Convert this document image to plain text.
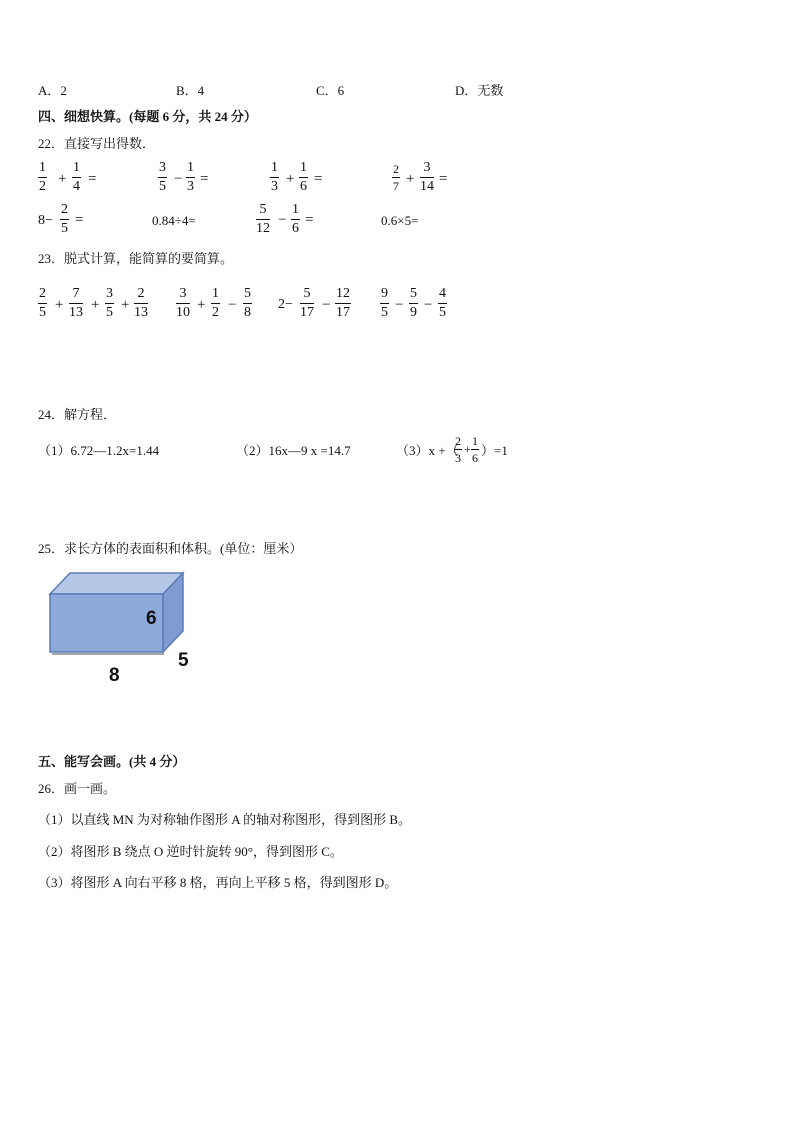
A．2	B．4	C．6	D．无数
四、细想快算。(每题 6 分，共 24 分）
22．直接写出得数．
$\frac{1}{2} + \frac{1}{4}$ =	$\frac{3}{5} - \frac{1}{3}$ =	$\frac{1}{3} + \frac{1}{6}$ =	$\frac{2}{7} + \frac{3}{14}$ =
$8- \frac{2}{5}$ =	0.84÷4=	$\frac{5}{12} - \frac{1}{6}$ =	0.6×5=
23．脱式计算，能简算的要简算。
$\frac{2}{5} + \frac{7}{13} + \frac{3}{5} + \frac{2}{13} \frac{3}{10} + \frac{1}{2} - \frac{5}{8} 2- \frac{5}{17} - \frac{12}{17} \frac{9}{5} - \frac{5}{9} - \frac{4}{5}$
24．解方程．
（1）6.72—1.2x=1.44	（2）16x—9 x =14.7	（3）x +（
$\frac{2}{3} + \frac{1}{6} )=1$
25．求长方体的表面积和体积。(单位：厘米）
6
5
8
五、能写会画。(共 4 分）
26．画一画。
（1）以直线 MN 为对称轴作图形 A 的轴对称图形，得到图形 B。
（2）将图形 B 绕点 O 逆时针旋转 90°，得到图形 C。
（3）将图形 A 向右平移 8 格，再向上平移 5 格，得到图形 D。
